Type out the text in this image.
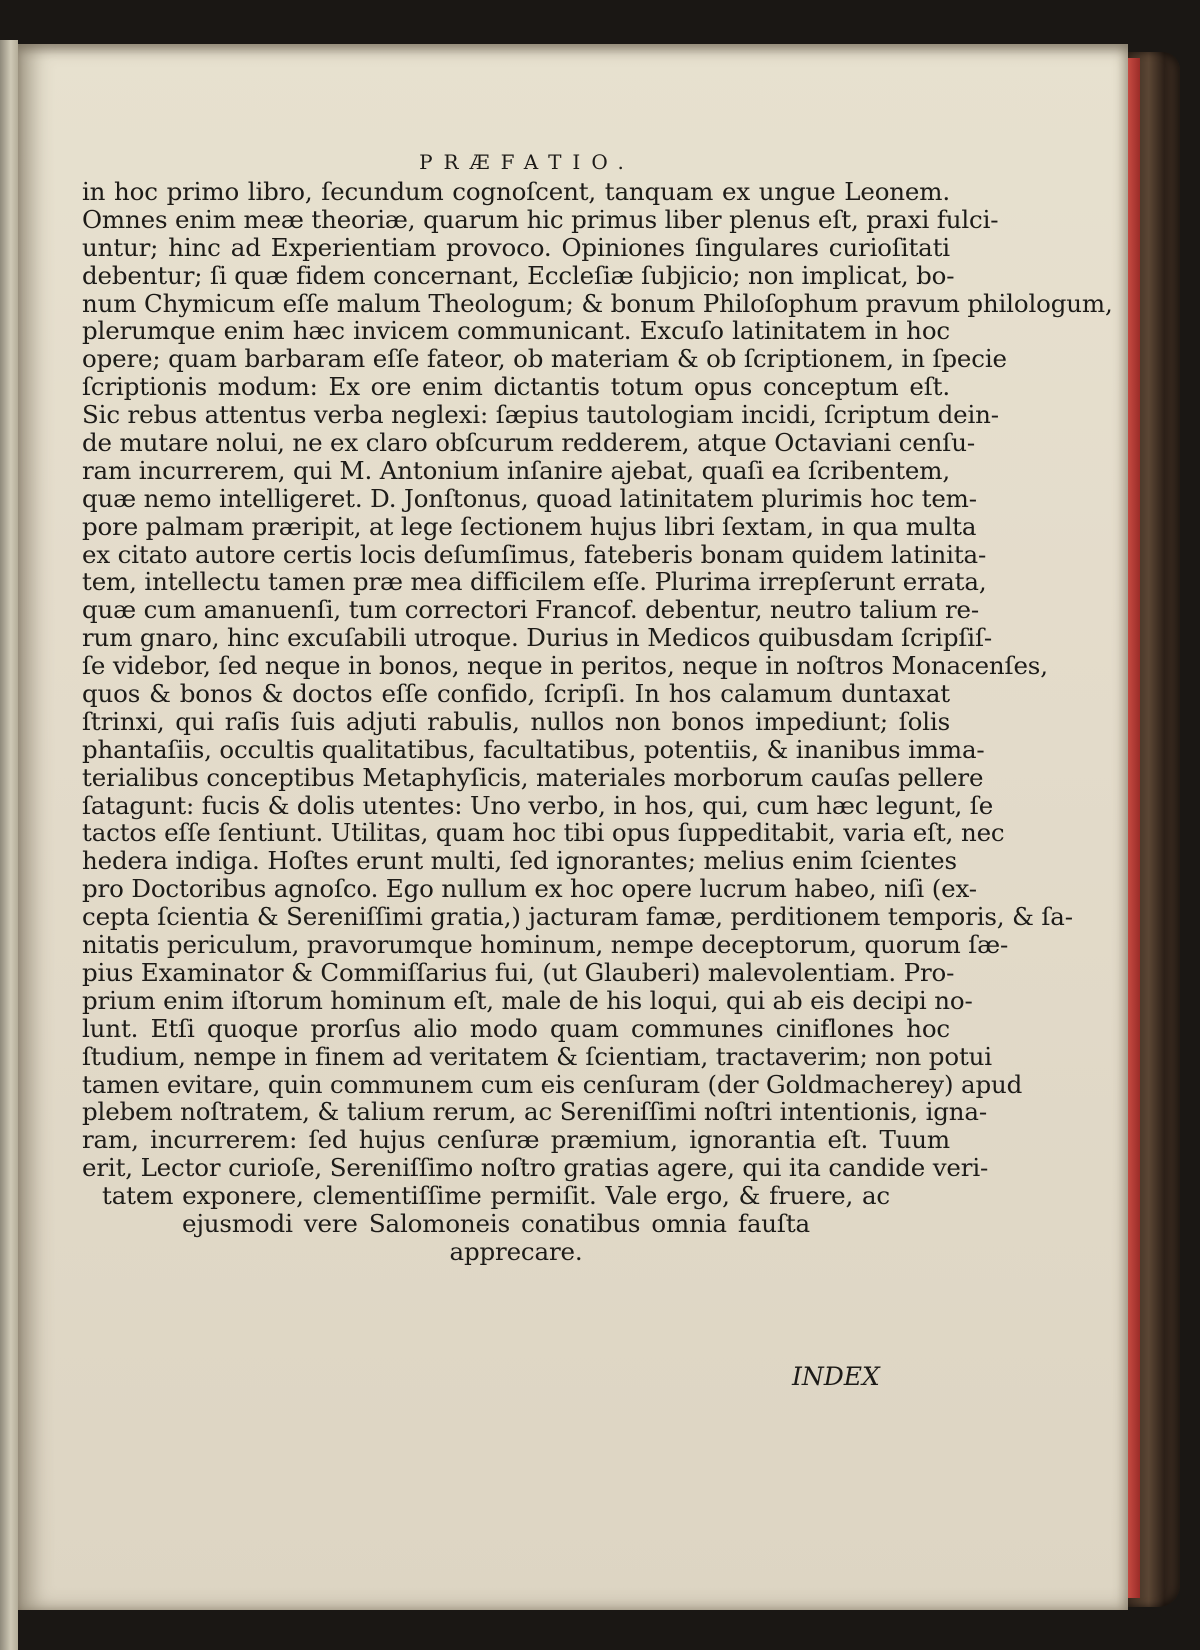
PRÆFATIO.
in hoc primo libro, ſecundum cognoſcent, tanquam ex ungue Leonem.
Omnes enim meæ theoriæ, quarum hic primus liber plenus eſt, praxi fulci-
untur; hinc ad Experientiam provoco. Opiniones ſingulares curioſitati
debentur; ſi quæ fidem concernant, Eccleſiæ ſubjicio; non implicat, bo-
num Chymicum eſſe malum Theologum; & bonum Philoſophum pravum philologum,
plerumque enim hæc invicem communicant. Excuſo latinitatem in hoc
opere; quam barbaram eſſe fateor, ob materiam & ob ſcriptionem, in ſpecie
ſcriptionis modum: Ex ore enim dictantis totum opus conceptum eſt.
Sic rebus attentus verba neglexi: ſæpius tautologiam incidi, ſcriptum dein-
de mutare nolui, ne ex claro obſcurum redderem, atque Octaviani cenſu-
ram incurrerem, qui M. Antonium inſanire ajebat, quaſi ea ſcribentem,
quæ nemo intelligeret. D. Jonſtonus, quoad latinitatem plurimis hoc tem-
pore palmam præripit, at lege ſectionem hujus libri ſextam, in qua multa
ex citato autore certis locis deſumſimus, fateberis bonam quidem latinita-
tem, intellectu tamen præ mea difficilem eſſe. Plurima irrepſerunt errata,
quæ cum amanuenſi, tum correctori Francof. debentur, neutro talium re-
rum gnaro, hinc excuſabili utroque. Durius in Medicos quibusdam ſcripſiſ-
ſe videbor, ſed neque in bonos, neque in peritos, neque in noſtros Monacenſes,
quos & bonos & doctos eſſe confido, ſcripſi. In hos calamum duntaxat
ſtrinxi, qui raſis ſuis adjuti rabulis, nullos non bonos impediunt; ſolis
phantaſiis, occultis qualitatibus, facultatibus, potentiis, & inanibus imma-
terialibus conceptibus Metaphyſicis, materiales morborum cauſas pellere
ſatagunt: fucis & dolis utentes: Uno verbo, in hos, qui, cum hæc legunt, ſe
tactos eſſe ſentiunt. Utilitas, quam hoc tibi opus ſuppeditabit, varia eſt, nec
hedera indiga. Hoſtes erunt multi, ſed ignorantes; melius enim ſcientes
pro Doctoribus agnoſco. Ego nullum ex hoc opere lucrum habeo, niſi (ex-
cepta ſcientia & Sereniſſimi gratia,) jacturam famæ, perditionem temporis, & ſa-
nitatis periculum, pravorumque hominum, nempe deceptorum, quorum ſæ-
pius Examinator & Commiſſarius fui, (ut Glauberi) malevolentiam. Pro-
prium enim iſtorum hominum eſt, male de his loqui, qui ab eis decipi no-
lunt. Etſi quoque prorſus alio modo quam communes ciniflones hoc
ſtudium, nempe in finem ad veritatem & ſcientiam, tractaverim; non potui
tamen evitare, quin communem cum eis cenſuram (der Goldmacherey) apud
plebem noſtratem, & talium rerum, ac Sereniſſimi noſtri intentionis, igna-
ram, incurrerem: ſed hujus cenſuræ præmium, ignorantia eſt. Tuum
erit, Lector curioſe, Sereniſſimo noſtro gratias agere, qui ita candide veri-
tatem exponere, clementiſſime permiſit. Vale ergo, & fruere, ac
ejusmodi vere Salomoneis conatibus omnia fauſta
apprecare.
INDEX
